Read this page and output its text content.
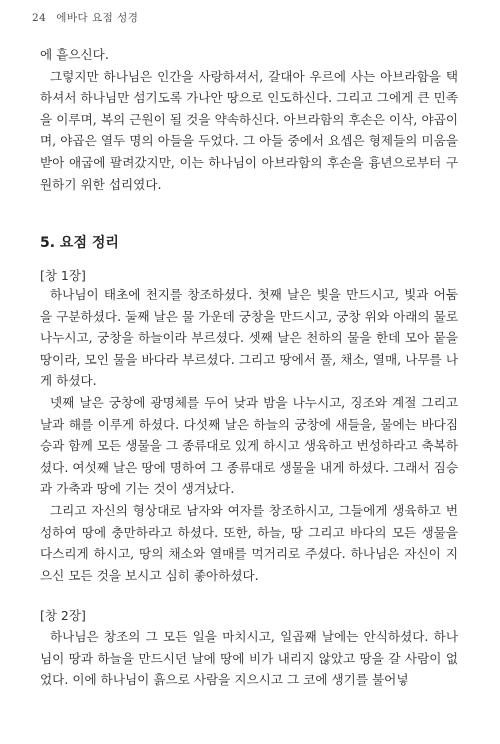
24 에바다 요점 성경

에 흩으신다.

그렇지만 하나님은 인간을 사랑하셔서, 갈대아 우르에 사는 아브라함을 택하셔서 하나님만 섬기도록 가나안 땅으로 인도하신다. 그리고 그에게 큰 민족을 이루며, 복의 근원이 될 것을 약속하신다. 아브라함의 후손은 이삭, 야곱이며, 야곱은 열두 명의 아들을 두었다. 그 아들 중에서 요셉은 형제들의 미움을 받아 애굽에 팔려갔지만, 이는 하나님이 아브라함의 후손을 흉년으로부터 구원하기 위한 섭리였다.

5. 요점 정리
[창 1장]

하나님이 태초에 천지를 창조하셨다. 첫째 날은 빛을 만드시고, 빛과 어둠을 구분하셨다. 둘째 날은 물 가운데 궁창을 만드시고, 궁창 위와 아래의 물로 나누시고, 궁창을 하늘이라 부르셨다. 셋째 날은 천하의 물을 한데 모아 뭍을 땅이라, 모인 물을 바다라 부르셨다. 그리고 땅에서 풀, 채소, 열매, 나무를 나게 하셨다.

넷째 날은 궁창에 광명체를 두어 낮과 밤을 나누시고, 징조와 계절 그리고 날과 해를 이루게 하셨다. 다섯째 날은 하늘의 궁창에 새들을, 물에는 바다짐승과 함께 모든 생물을 그 종류대로 있게 하시고 생육하고 번성하라고 축복하셨다. 여섯째 날은 땅에 명하여 그 종류대로 생물을 내게 하셨다. 그래서 짐승과 가축과 땅에 기는 것이 생겨났다.

그리고 자신의 형상대로 남자와 여자를 창조하시고, 그들에게 생육하고 번성하여 땅에 충만하라고 하셨다. 또한, 하늘, 땅 그리고 바다의 모든 생물을 다스리게 하시고, 땅의 채소와 열매를 먹거리로 주셨다. 하나님은 자신이 지으신 모든 것을 보시고 심히 좋아하셨다.

[창 2장]

하나님은 창조의 그 모든 일을 마치시고, 일곱째 날에는 안식하셨다. 하나님이 땅과 하늘을 만드시던 날에 땅에 비가 내리지 않았고 땅을 갈 사람이 없었다. 이에 하나님이 흙으로 사람을 지으시고 그 코에 생기를 불어넣
